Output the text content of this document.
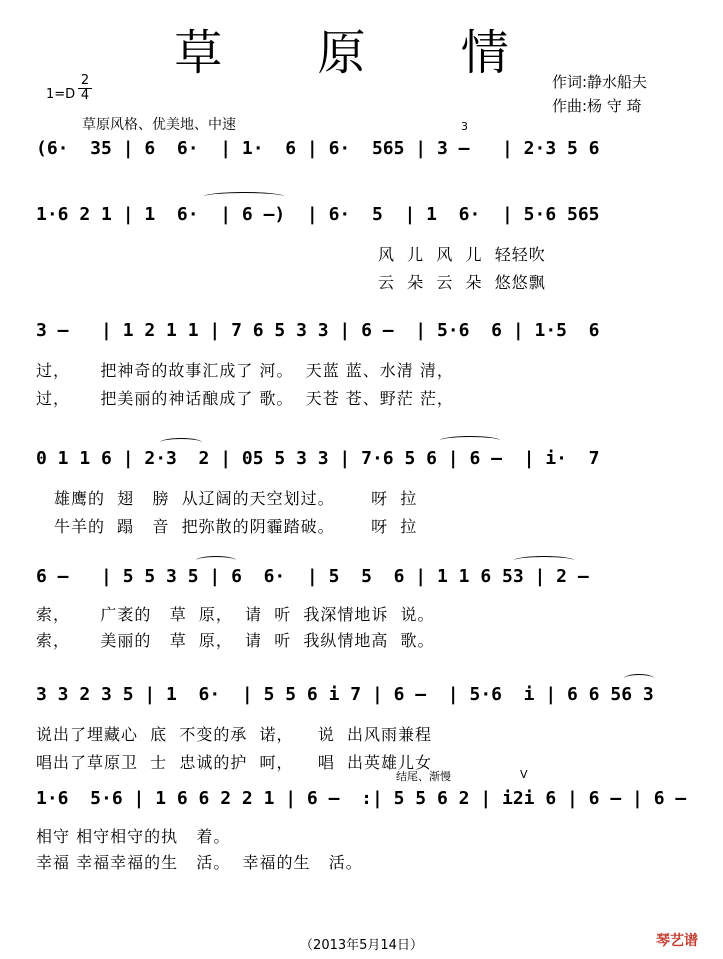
草 原 情
作词:静水船夫
作曲:杨 守 琦
1=D
2
4
草原风格、优美地、中速
(6·  35 | 6  6·  | 1·  6 | 6·  565 | 3 –   | 2·3 5 6
3
1·6 2 1 | 1  6·  | 6 –)  | 6·  5  | 1  6·  | 5·6 565
风  儿  风  儿  轻轻吹
云  朵  云  朵  悠悠飘
3 –   | 1 2 1 1 | 7 6 5 3 3 | 6 –  | 5·6  6 | 1·5  6
过，     把神奇的故事汇成了 河。  天蓝 蓝、水清 清，
过，     把美丽的神话酿成了 歌。  天苍 苍、野茫 茫，
0 1 1 6 | 2·3  2 | 05 5 3 3 | 7·6 5 6 | 6 –  | i·  7
雄鹰的  翅   膀  从辽阔的天空划过。      呀  拉
牛羊的  蹋   音  把弥散的阴霾踏破。      呀  拉
6 –   | 5 5 3 5 | 6  6·  | 5  5  6 | 1 1 6 53 | 2 –
索，     广袤的   草  原，  请  听  我深情地诉  说。
索，     美丽的   草  原，  请  听  我纵情地高  歌。
3 3 2 3 5 | 1  6·  | 5 5 6 i 7 | 6 –  | 5·6  i | 6 6 56 3
说出了埋藏心  底  不变的承  诺，    说  出风雨兼程
唱出了草原卫  士  忠诚的护  呵，    唱  出英雄儿女
结尾、渐慢	V
1·6  5·6 | 1 6 6 2 2 1 | 6 –  :| 5 5 6 2 | i2i 6 | 6 – | 6 –
相守 相守相守的执   着。
幸福 幸福幸福的生   活。  幸福的生   活。
（2013年5月14日）	琴艺谱
